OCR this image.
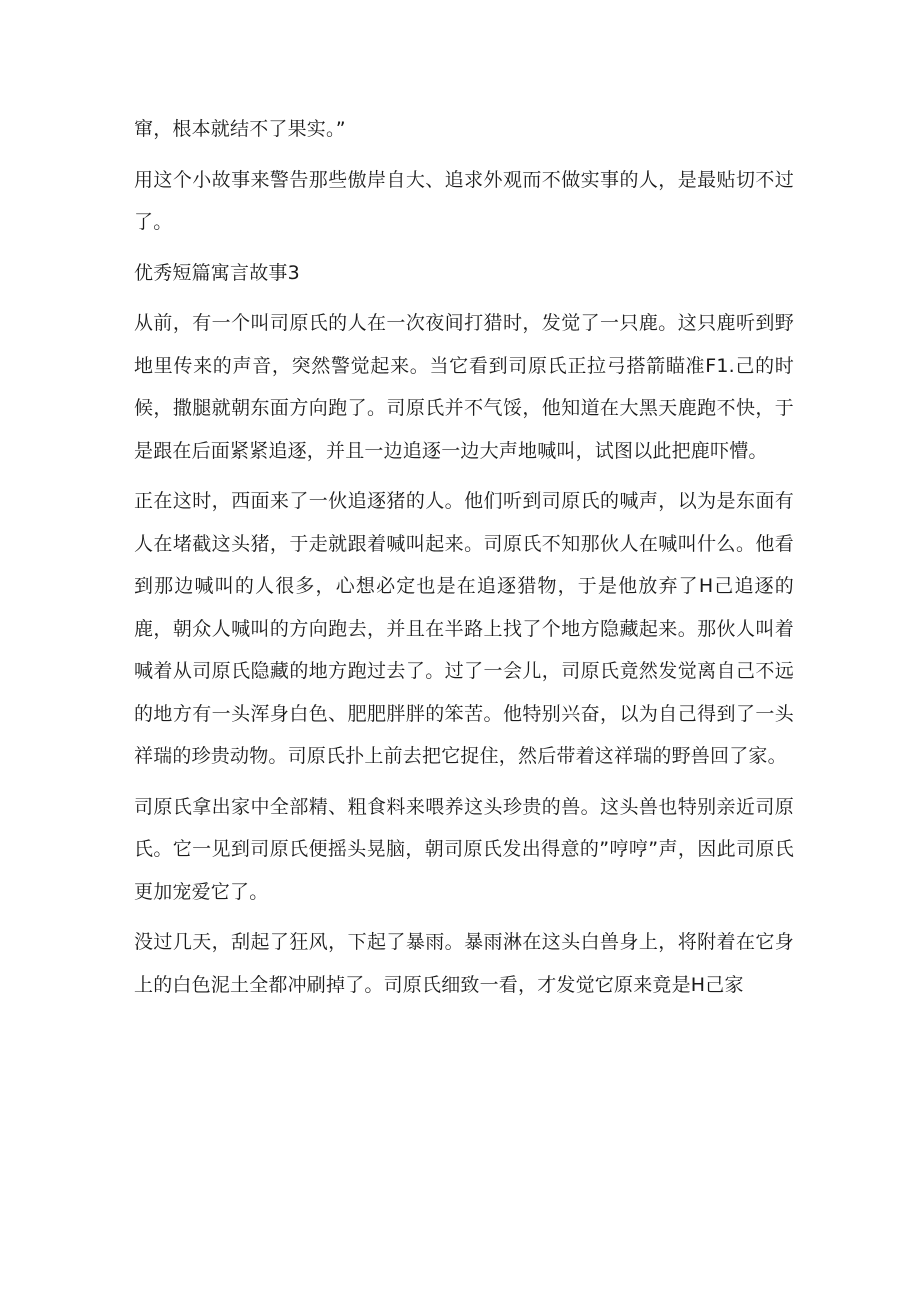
窜，根本就结不了果实。”

用这个小故事来警告那些傲岸自大、追求外观而不做实事的人，是最贴切不过了。

优秀短篇寓言故事3

从前，有一个叫司原氏的人在一次夜间打猎时，发觉了一只鹿。这只鹿听到野地里传来的声音，突然警觉起来。当它看到司原氏正拉弓搭箭瞄准F1.己的时候，撒腿就朝东面方向跑了。司原氏并不气馁，他知道在大黑天鹿跑不快，于是跟在后面紧紧追逐，并且一边追逐一边大声地喊叫，试图以此把鹿吓懵。

正在这时，西面来了一伙追逐猪的人。他们听到司原氏的喊声，以为是东面有人在堵截这头猪，于走就跟着喊叫起来。司原氏不知那伙人在喊叫什么。他看到那边喊叫的人很多，心想必定也是在追逐猎物，于是他放弃了H己追逐的鹿，朝众人喊叫的方向跑去，并且在半路上找了个地方隐藏起来。那伙人叫着喊着从司原氏隐藏的地方跑过去了。过了一会儿，司原氏竟然发觉离自己不远的地方有一头浑身白色、肥肥胖胖的笨苦。他特别兴奋，以为自己得到了一头祥瑞的珍贵动物。司原氏扑上前去把它捉住，然后带着这祥瑞的野兽回了家。

司原氏拿出家中全部精、粗食料来喂养这头珍贵的兽。这头兽也特别亲近司原氏。它一见到司原氏便摇头晃脑，朝司原氏发出得意的”哼哼”声，因此司原氏更加宠爱它了。

没过几天，刮起了狂风，下起了暴雨。暴雨淋在这头白兽身上，将附着在它身上的白色泥土全都冲刷掉了。司原氏细致一看，才发觉它原来竟是H己家
